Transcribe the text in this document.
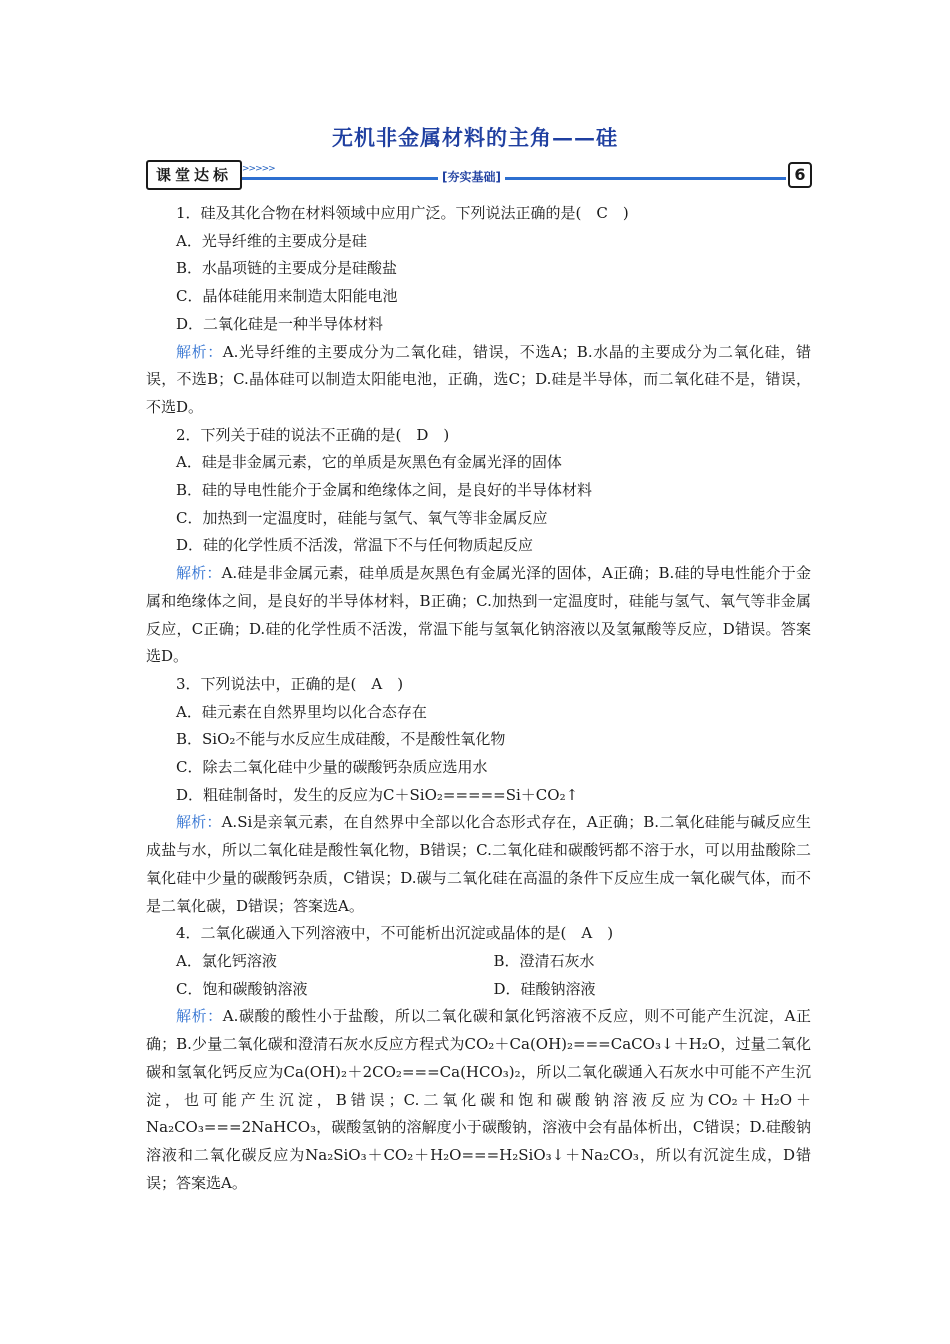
无机非金属材料的主角——硅
课堂达标	>>>>>
[夯实基础]	6

1．硅及其化合物在材料领域中应用广泛。下列说法正确的是(　C　)

A．光导纤维的主要成分是硅

B．水晶项链的主要成分是硅酸盐

C．晶体硅能用来制造太阳能电池

D．二氧化硅是一种半导体材料

解析：A.光导纤维的主要成分为二氧化硅，错误，不选A；B.水晶的主要成分为二氧化硅，错误，不选B；C.晶体硅可以制造太阳能电池，正确，选C；D.硅是半导体，而二氧化硅不是，错误，不选D。

2．下列关于硅的说法不正确的是(　D　)

A．硅是非金属元素，它的单质是灰黑色有金属光泽的固体

B．硅的导电性能介于金属和绝缘体之间，是良好的半导体材料

C．加热到一定温度时，硅能与氢气、氧气等非金属反应

D．硅的化学性质不活泼，常温下不与任何物质起反应

解析：A.硅是非金属元素，硅单质是灰黑色有金属光泽的固体，A正确；B.硅的导电性能介于金属和绝缘体之间，是良好的半导体材料，B正确；C.加热到一定温度时，硅能与氢气、氧气等非金属反应，C正确；D.硅的化学性质不活泼，常温下能与氢氧化钠溶液以及氢氟酸等反应，D错误。答案选D。

3．下列说法中，正确的是(　A　)

A．硅元素在自然界里均以化合态存在

B．SiO₂不能与水反应生成硅酸，不是酸性氧化物

C．除去二氧化硅中少量的碳酸钙杂质应选用水

D．粗硅制备时，发生的反应为C＋SiO₂=====Si＋CO₂↑

解析：A.Si是亲氧元素，在自然界中全部以化合态形式存在，A正确；B.二氧化硅能与碱反应生成盐与水，所以二氧化硅是酸性氧化物，B错误；C.二氧化硅和碳酸钙都不溶于水，可以用盐酸除二氧化硅中少量的碳酸钙杂质，C错误；D.碳与二氧化硅在高温的条件下反应生成一氧化碳气体，而不是二氧化碳，D错误；答案选A。

4．二氧化碳通入下列溶液中，不可能析出沉淀或晶体的是(　A　)

A．氯化钙溶液	B．澄清石灰水
C．饱和碳酸钠溶液	D．硅酸钠溶液

解析：A.碳酸的酸性小于盐酸，所以二氧化碳和氯化钙溶液不反应，则不可能产生沉淀，A正确；B.少量二氧化碳和澄清石灰水反应方程式为CO₂＋Ca(OH)₂===CaCO₃↓＋H₂O，过量二氧化碳和氢氧化钙反应为Ca(OH)₂＋2CO₂===Ca(HCO₃)₂，所以二氧化碳通入石灰水中可能不产生沉淀，也可能产生沉淀，B错误；C.二氧化碳和饱和碳酸钠溶液反应为CO₂＋H₂O＋Na₂CO₃===2NaHCO₃，碳酸氢钠的溶解度小于碳酸钠，溶液中会有晶体析出，C错误；D.硅酸钠溶液和二氧化碳反应为Na₂SiO₃＋CO₂＋H₂O===H₂SiO₃↓＋Na₂CO₃，所以有沉淀生成，D错误；答案选A。
